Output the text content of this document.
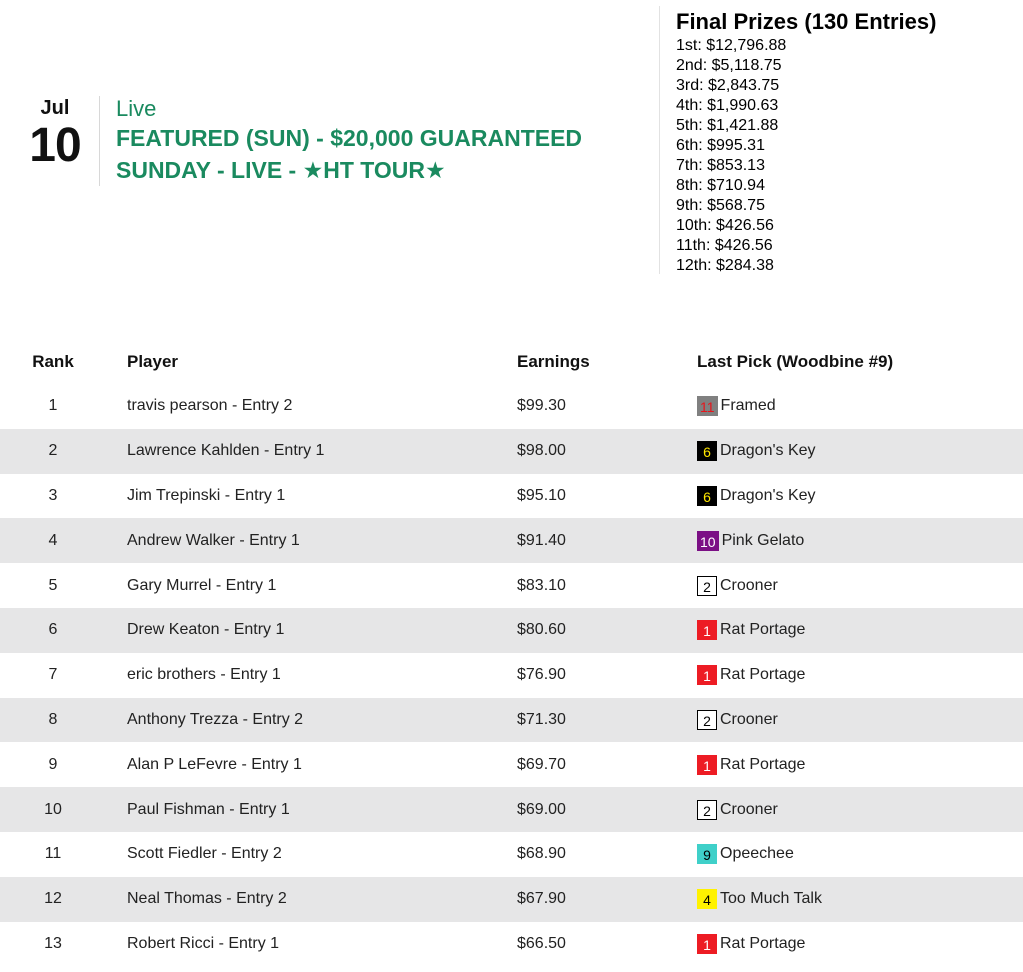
Jul
10
Live
FEATURED (SUN) - $20,000 GUARANTEED
SUNDAY - LIVE - ★HT TOUR★
Final Prizes (130 Entries)
1st: $12,796.88
2nd: $5,118.75
3rd: $2,843.75
4th: $1,990.63
5th: $1,421.88
6th: $995.31
7th: $853.13
8th: $710.94
9th: $568.75
10th: $426.56
11th: $426.56
12th: $284.38
Rank	Player	Earnings	Last Pick (Woodbine #9)
1	travis pearson - Entry 2	$99.30	11 Framed

2	Lawrence Kahlden - Entry 1	$98.00	6 Dragon's Key

3	Jim Trepinski - Entry 1	$95.10	6 Dragon's Key

4	Andrew Walker - Entry 1	$91.40	10 Pink Gelato

5	Gary Murrel - Entry 1	$83.10	2 Crooner

6	Drew Keaton - Entry 1	$80.60	1 Rat Portage

7	eric brothers - Entry 1	$76.90	1 Rat Portage

8	Anthony Trezza - Entry 2	$71.30	2 Crooner

9	Alan P LeFevre - Entry 1	$69.70	1 Rat Portage

10	Paul Fishman - Entry 1	$69.00	2 Crooner

11	Scott Fiedler - Entry 2	$68.90	9 Opeechee

12	Neal Thomas - Entry 2	$67.90	4 Too Much Talk

13	Robert Ricci - Entry 1	$66.50	1 Rat Portage
